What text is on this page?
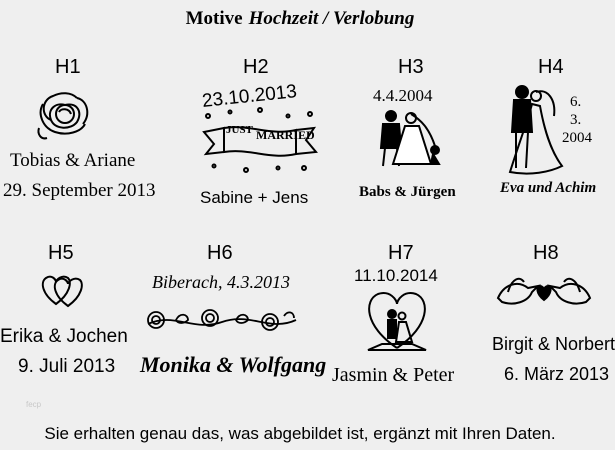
Motive Hochzeit / Verlobung
H1
Tobias & Ariane
29. September 2013
H2
23.10.2013
JUST MARRIED
Sabine + Jens
H3
4.4.2004
Babs & Jürgen
H4
6.
3.
2004
Eva und Achim
H5
Erika & Jochen
9. Juli 2013
H6
Biberach, 4.3.2013
Monika & Wolfgang
H7
11.10.2014
Jasmin & Peter
H8
Birgit & Norbert
6. März 2013
fecp
Sie erhalten genau das, was abgebildet ist, ergänzt mit Ihren Daten.
